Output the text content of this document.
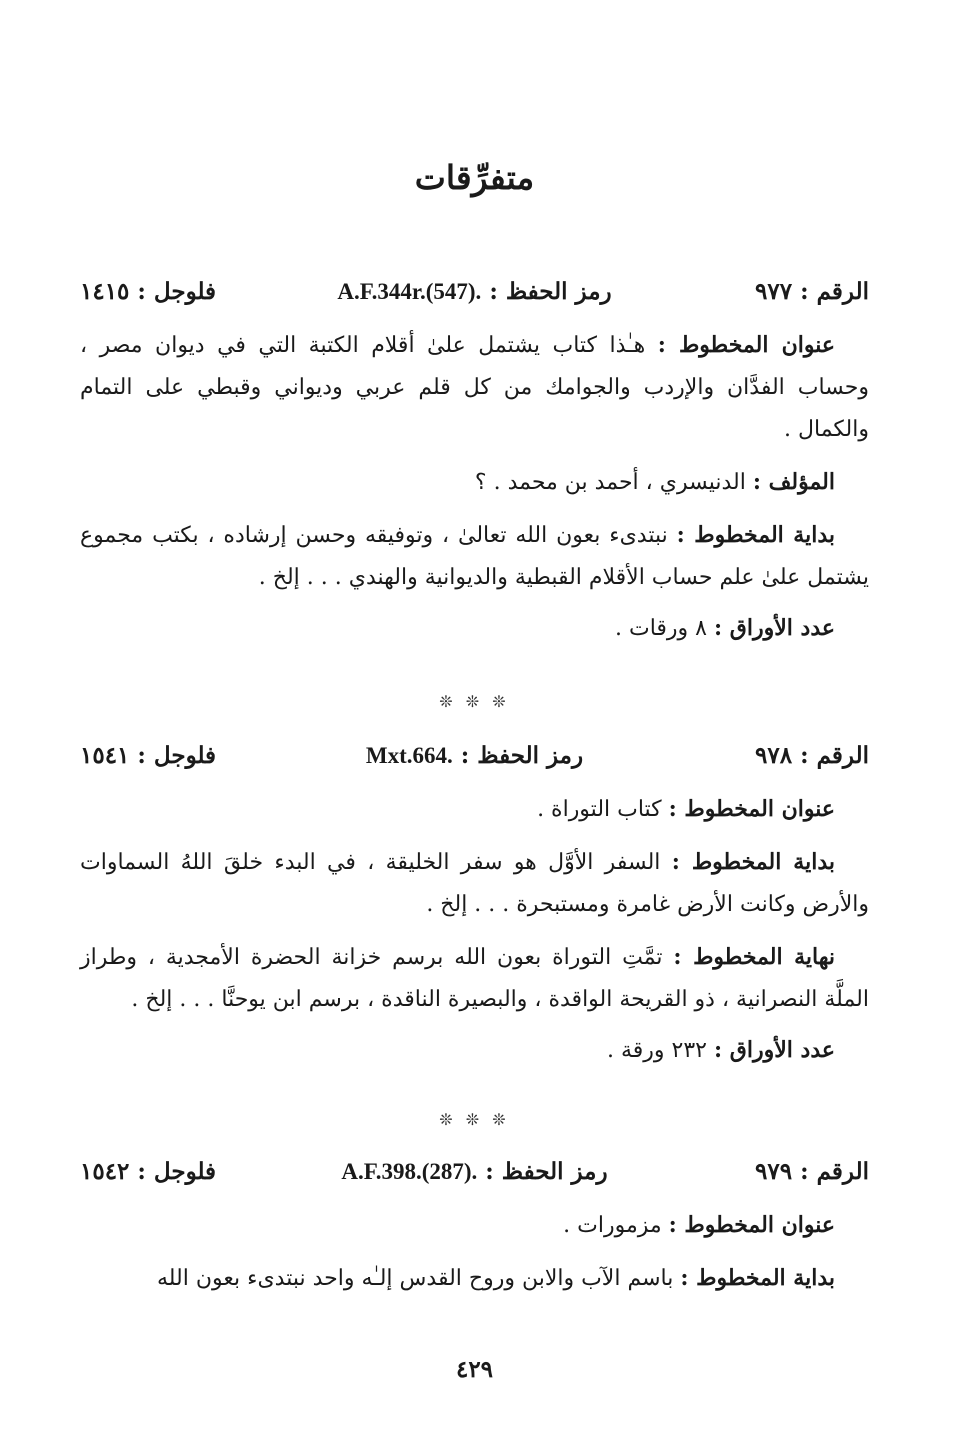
متفرِّقات
الرقم : ٩٧٧
رمز الحفظ : A.F.344r.(547).
فلوجل : ١٤١٥

عنوان المخطوط : هـٰذا كتاب يشتمل علىٰ أقلام الكتبة التي في ديوان مصر ، وحساب الفدَّان والإردب والجوامك من كل قلم عربي وديواني وقبطي على التمام والكمال .

المؤلف : الدنيسري ، أحمد بن محمد . ؟

بداية المخطوط : نبتدىء بعون الله تعالىٰ ، وتوفيقه وحسن إرشاده ، بكتب مجموع يشتمل علىٰ علم حساب الأقلام القبطية والديوانية والهندي . . . إلخ .

عدد الأوراق : ٨ ورقات .

❊ ❊ ❊
الرقم : ٩٧٨
رمز الحفظ : Mxt.664.
فلوجل : ١٥٤١

عنوان المخطوط : كتاب التوراة .

بداية المخطوط : السفر الأوَّل هو سفر الخليقة ، في البدء خلقَ اللهُ السماوات والأرض وكانت الأرض غامرة ومستبحرة . . . إلخ .

نهاية المخطوط : تمَّتِ التوراة بعون الله برسم خزانة الحضرة الأمجدية ، وطراز الملَّة النصرانية ، ذو القريحة الواقدة ، والبصيرة الناقدة ، برسم ابن يوحنَّا . . . إلخ .

عدد الأوراق : ٢٣٢ ورقة .

❊ ❊ ❊
الرقم : ٩٧٩
رمز الحفظ : A.F.398.(287).
فلوجل : ١٥٤٢

عنوان المخطوط : مزمورات .

بداية المخطوط : باسم الآب والابن وروح القدس إلـٰه واحد نبتدىء بعون الله

٤٢٩
